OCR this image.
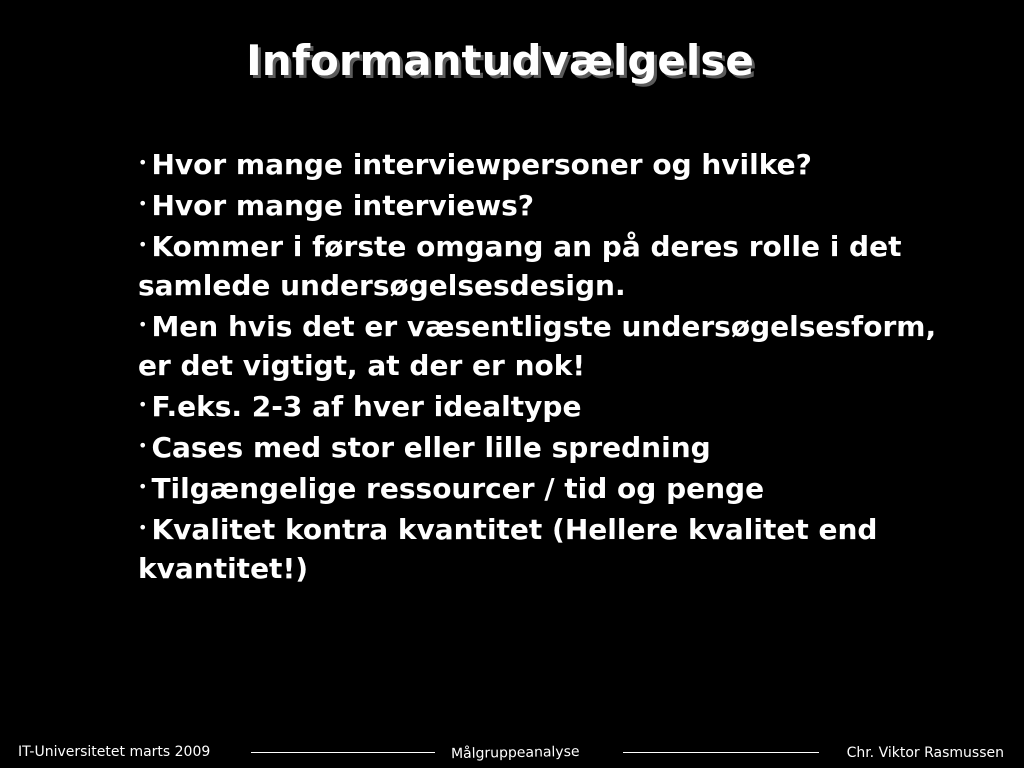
Informantudvælgelse
• Hvor mange interviewpersoner og hvilke?
• Hvor mange interviews?
• Kommer i første omgang an på deres rolle i det samlede undersøgelsesdesign.
• Men hvis det er væsentligste undersøgelsesform, er det vigtigt, at der er nok!
• F.eks. 2-3 af hver idealtype
• Cases med stor eller lille spredning
• Tilgængelige ressourcer / tid og penge
• Kvalitet kontra kvantitet (Hellere kvalitet end kvantitet!)
IT-Universitetet marts 2009	Målgruppeanalyse	Chr. Viktor Rasmussen
